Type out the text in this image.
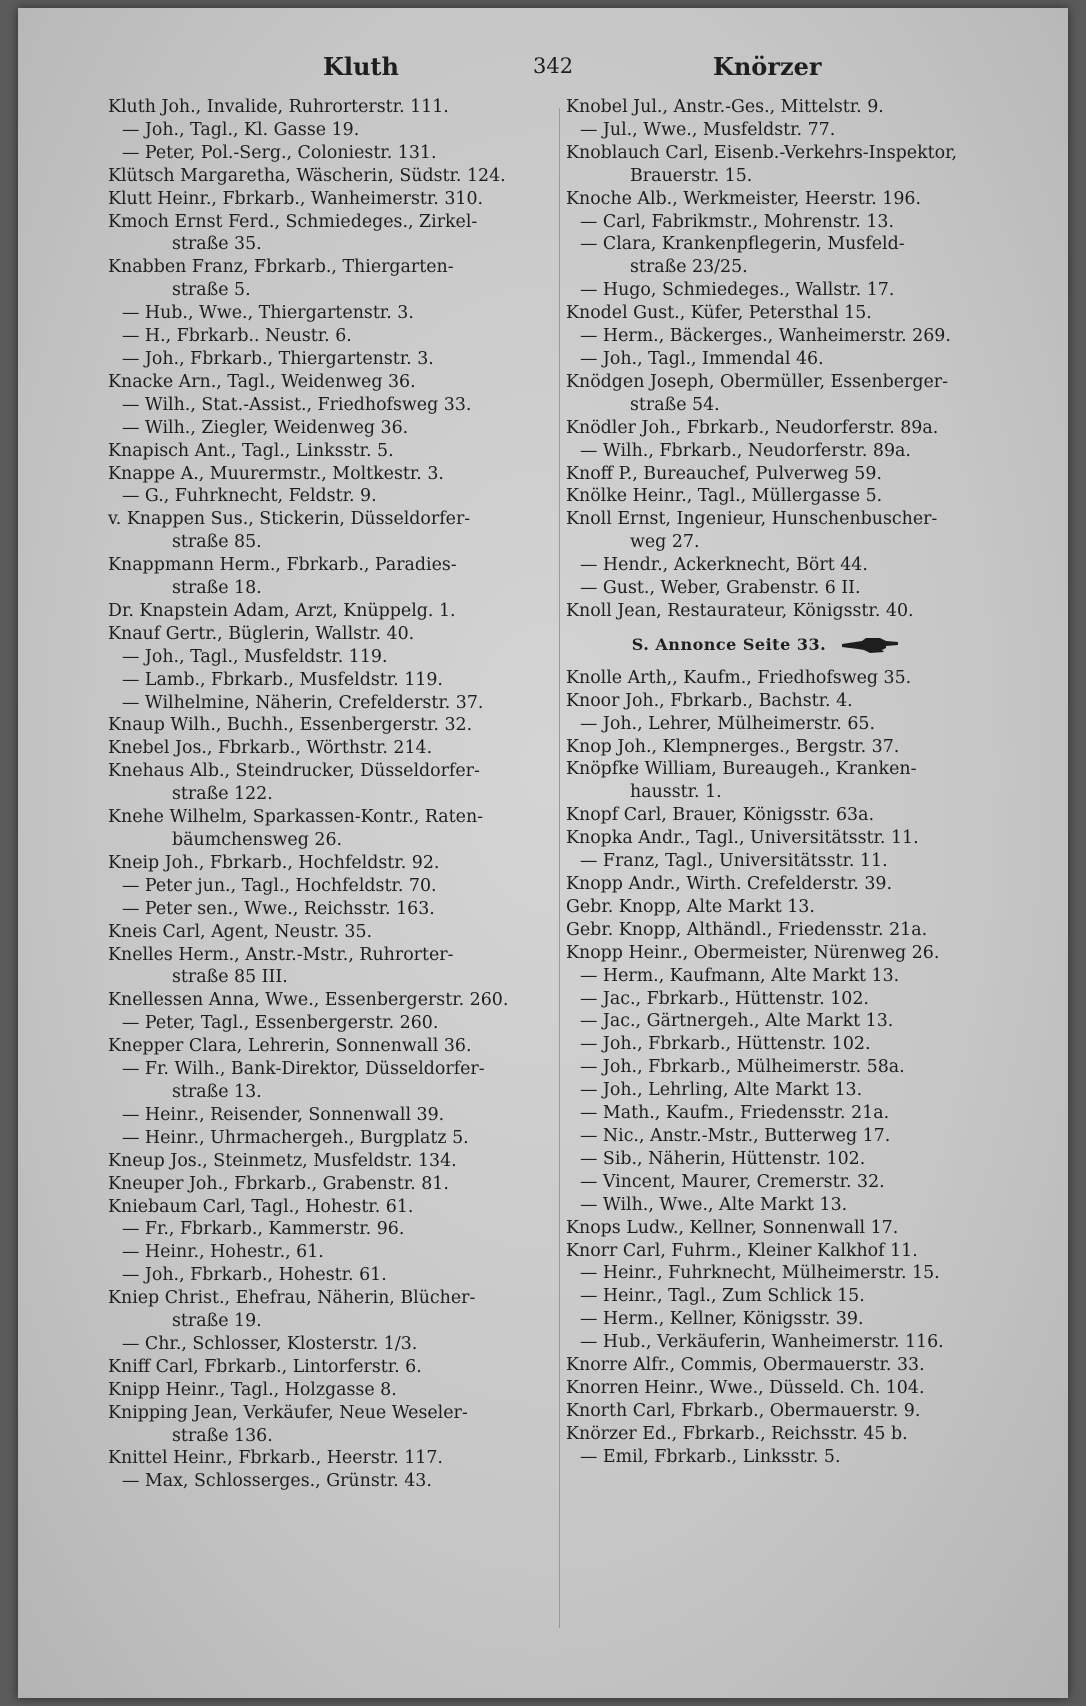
Kluth	342	Knörzer
Kluth Joh., Invalide, Ruhrorterstr. 111.
— Joh., Tagl., Kl. Gasse 19.
— Peter, Pol.-Serg., Coloniestr. 131.
Klütsch Margaretha, Wäscherin, Südstr. 124.
Klutt Heinr., Fbrkarb., Wanheimerstr. 310.
Kmoch Ernst Ferd., Schmiedeges., Zirkel-
straße 35.
Knabben Franz, Fbrkarb., Thiergarten-
straße 5.
— Hub., Wwe., Thiergartenstr. 3.
— H., Fbrkarb.. Neustr. 6.
— Joh., Fbrkarb., Thiergartenstr. 3.
Knacke Arn., Tagl., Weidenweg 36.
— Wilh., Stat.-Assist., Friedhofsweg 33.
— Wilh., Ziegler, Weidenweg 36.
Knapisch Ant., Tagl., Linksstr. 5.
Knappe A., Muurermstr., Moltkestr. 3.
— G., Fuhrknecht, Feldstr. 9.
v. Knappen Sus., Stickerin, Düsseldorfer-
straße 85.
Knappmann Herm., Fbrkarb., Paradies-
straße 18.
Dr. Knapstein Adam, Arzt, Knüppelg. 1.
Knauf Gertr., Büglerin, Wallstr. 40.
— Joh., Tagl., Musfeldstr. 119.
— Lamb., Fbrkarb., Musfeldstr. 119.
— Wilhelmine, Näherin, Crefelderstr. 37.
Knaup Wilh., Buchh., Essenbergerstr. 32.
Knebel Jos., Fbrkarb., Wörthstr. 214.
Knehaus Alb., Steindrucker, Düsseldorfer-
straße 122.
Knehe Wilhelm, Sparkassen-Kontr., Raten-
bäumchensweg 26.
Kneip Joh., Fbrkarb., Hochfeldstr. 92.
— Peter jun., Tagl., Hochfeldstr. 70.
— Peter sen., Wwe., Reichsstr. 163.
Kneis Carl, Agent, Neustr. 35.
Knelles Herm., Anstr.-Mstr., Ruhrorter-
straße 85 III.
Knellessen Anna, Wwe., Essenbergerstr. 260.
— Peter, Tagl., Essenbergerstr. 260.
Knepper Clara, Lehrerin, Sonnenwall 36.
— Fr. Wilh., Bank-Direktor, Düsseldorfer-
straße 13.
— Heinr., Reisender, Sonnenwall 39.
— Heinr., Uhrmachergeh., Burgplatz 5.
Kneup Jos., Steinmetz, Musfeldstr. 134.
Kneuper Joh., Fbrkarb., Grabenstr. 81.
Kniebaum Carl, Tagl., Hohestr. 61.
— Fr., Fbrkarb., Kammerstr. 96.
— Heinr., Hohestr., 61.
— Joh., Fbrkarb., Hohestr. 61.
Kniep Christ., Ehefrau, Näherin, Blücher-
straße 19.
— Chr., Schlosser, Klosterstr. 1/3.
Kniff Carl, Fbrkarb., Lintorferstr. 6.
Knipp Heinr., Tagl., Holzgasse 8.
Knipping Jean, Verkäufer, Neue Weseler-
straße 136.
Knittel Heinr., Fbrkarb., Heerstr. 117.
— Max, Schlosserges., Grünstr. 43.
Knobel Jul., Anstr.-Ges., Mittelstr. 9.
— Jul., Wwe., Musfeldstr. 77.
Knoblauch Carl, Eisenb.-Verkehrs-Inspektor,
Brauerstr. 15.
Knoche Alb., Werkmeister, Heerstr. 196.
— Carl, Fabrikmstr., Mohrenstr. 13.
— Clara, Krankenpflegerin, Musfeld-
straße 23/25.
— Hugo, Schmiedeges., Wallstr. 17.
Knodel Gust., Küfer, Petersthal 15.
— Herm., Bäckerges., Wanheimerstr. 269.
— Joh., Tagl., Immendal 46.
Knödgen Joseph, Obermüller, Essenberger-
straße 54.
Knödler Joh., Fbrkarb., Neudorferstr. 89a.
— Wilh., Fbrkarb., Neudorferstr. 89a.
Knoff P., Bureauchef, Pulverweg 59.
Knölke Heinr., Tagl., Müllergasse 5.
Knoll Ernst, Ingenieur, Hunschenbuscher-
weg 27.
— Hendr., Ackerknecht, Bört 44.
— Gust., Weber, Grabenstr. 6 II.
Knoll Jean, Restaurateur, Königsstr. 40.
S. Annonce Seite 33.
Knolle Arth,, Kaufm., Friedhofsweg 35.
Knoor Joh., Fbrkarb., Bachstr. 4.
— Joh., Lehrer, Mülheimerstr. 65.
Knop Joh., Klempnerges., Bergstr. 37.
Knöpfke William, Bureaugeh., Kranken-
hausstr. 1.
Knopf Carl, Brauer, Königsstr. 63a.
Knopka Andr., Tagl., Universitätsstr. 11.
— Franz, Tagl., Universitätsstr. 11.
Knopp Andr., Wirth. Crefelderstr. 39.
Gebr. Knopp, Alte Markt 13.
Gebr. Knopp, Althändl., Friedensstr. 21a.
Knopp Heinr., Obermeister, Nürenweg 26.
— Herm., Kaufmann, Alte Markt 13.
— Jac., Fbrkarb., Hüttenstr. 102.
— Jac., Gärtnergeh., Alte Markt 13.
— Joh., Fbrkarb., Hüttenstr. 102.
— Joh., Fbrkarb., Mülheimerstr. 58a.
— Joh., Lehrling, Alte Markt 13.
— Math., Kaufm., Friedensstr. 21a.
— Nic., Anstr.-Mstr., Butterweg 17.
— Sib., Näherin, Hüttenstr. 102.
— Vincent, Maurer, Cremerstr. 32.
— Wilh., Wwe., Alte Markt 13.
Knops Ludw., Kellner, Sonnenwall 17.
Knorr Carl, Fuhrm., Kleiner Kalkhof 11.
— Heinr., Fuhrknecht, Mülheimerstr. 15.
— Heinr., Tagl., Zum Schlick 15.
— Herm., Kellner, Königsstr. 39.
— Hub., Verkäuferin, Wanheimerstr. 116.
Knorre Alfr., Commis, Obermauerstr. 33.
Knorren Heinr., Wwe., Düsseld. Ch. 104.
Knorth Carl, Fbrkarb., Obermauerstr. 9.
Knörzer Ed., Fbrkarb., Reichsstr. 45 b.
— Emil, Fbrkarb., Linksstr. 5.
